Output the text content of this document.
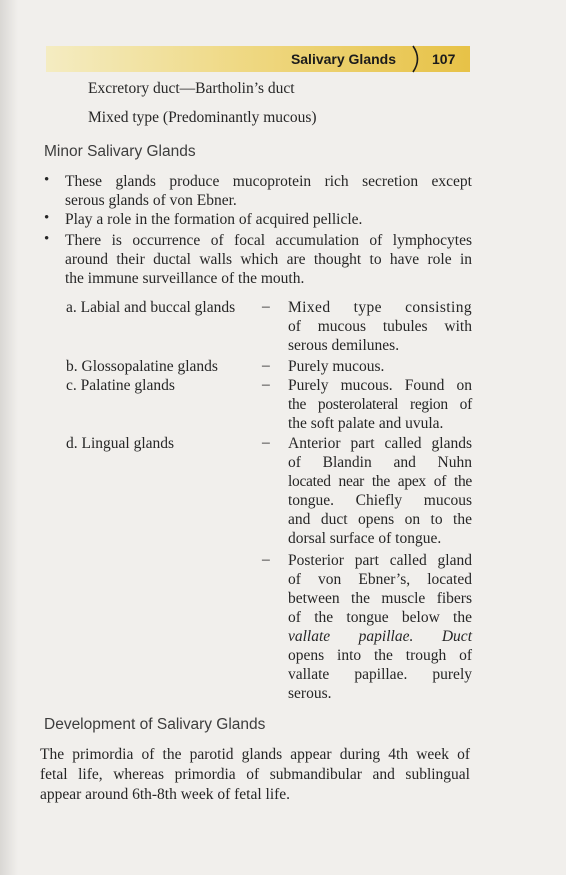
Salivary Glands	107
Excretory duct—Bartholin’s duct
Mixed type (Predominantly mucous)
Minor Salivary Glands
• These glands produce mucoprotein rich secretion except
serous glands of von Ebner.
• Play a role in the formation of acquired pellicle.
• There is occurrence of focal accumulation of lymphocytes
around their ductal walls which are thought to have role in
the immune surveillance of the mouth.
a. Labial and buccal glands – Mixed type consisting
of mucous tubules with
serous demilunes.
b. Glossopalatine glands	– Purely mucous.
c. Palatine glands	– Purely mucous. Found on
the posterolateral region of
the soft palate and uvula.
d. Lingual glands	– Anterior part called glands
of Blandin and Nuhn
located near the apex of the
tongue. Chiefly mucous
and duct opens on to the
dorsal surface of tongue.
– Posterior part called gland
of von Ebner’s, located
between the muscle fibers
of the tongue below the
vallate papillae. Duct
opens into the trough of
vallate papillae. purely
serous.
Development of Salivary Glands
The primordia of the parotid glands appear during 4th week of
fetal life, whereas primordia of submandibular and sublingual
appear around 6th-8th week of fetal life.
